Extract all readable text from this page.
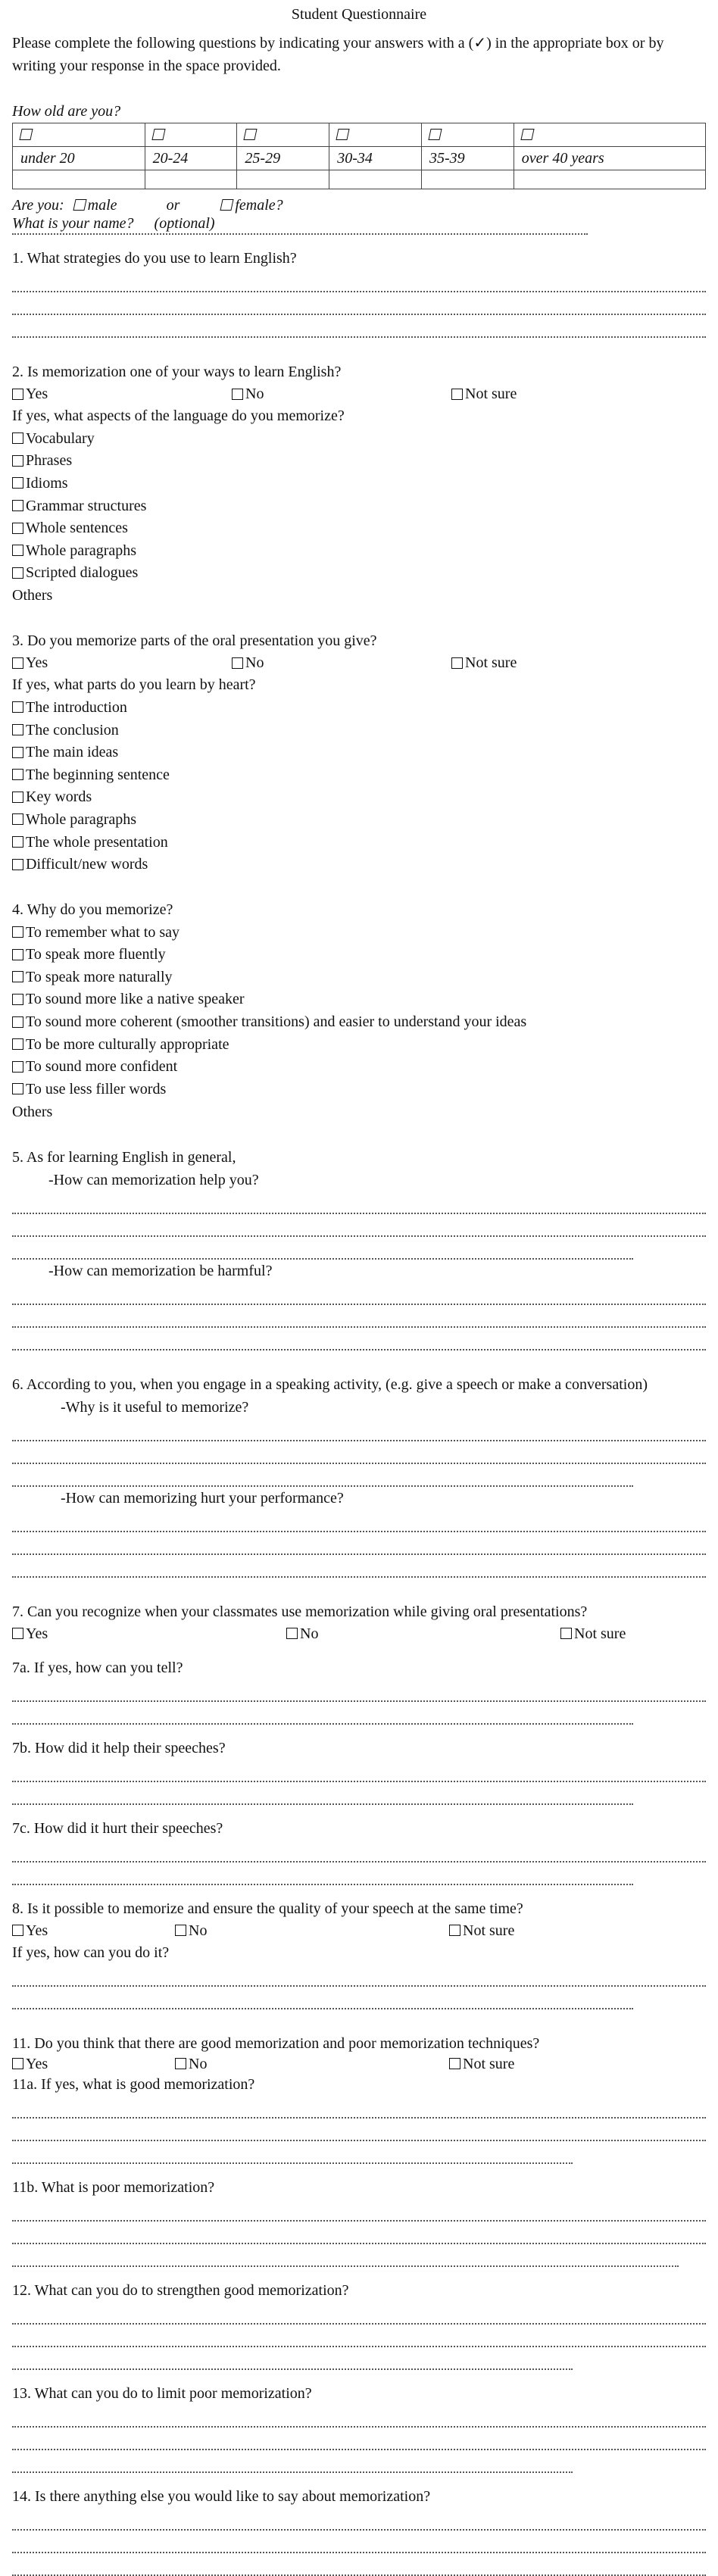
Student Questionnaire
Please complete the following questions by indicating your answers with a (✓) in the appropriate box or by writing your response in the space provided.
How old are you?

under 20	20-24	25-29	30-34	35-39	over 40 years

Are you: male	or	female?
What is your name? (optional)
1. What strategies do you use to learn English?
2. Is memorization one of your ways to learn English?
Yes	No	Not sure
If yes, what aspects of the language do you memorize?
Vocabulary
Phrases
Idioms
Grammar structures
Whole sentences
Whole paragraphs
Scripted dialogues
Others
3. Do you memorize parts of the oral presentation you give?
Yes	No	Not sure
If yes, what parts do you learn by heart?
The introduction
The conclusion
The main ideas
The beginning sentence
Key words
Whole paragraphs
The whole presentation
Difficult/new words
4. Why do you memorize?
To remember what to say
To speak more fluently
To speak more naturally
To sound more like a native speaker
To sound more coherent (smoother transitions) and easier to understand your ideas
To be more culturally appropriate
To sound more confident
To use less filler words
Others
5. As for learning English in general,
-How can memorization help you?
-How can memorization be harmful?
6. According to you, when you engage in a speaking activity, (e.g. give a speech or make a conversation)
-Why is it useful to memorize?
-How can memorizing hurt your performance?
7. Can you recognize when your classmates use memorization while giving oral presentations?
Yes	No	Not sure
7a. If yes, how can you tell?
7b. How did it help their speeches?
7c. How did it hurt their speeches?
8. Is it possible to memorize and ensure the quality of your speech at the same time?
Yes	No	Not sure
If yes, how can you do it?
11. Do you think that there are good memorization and poor memorization techniques?
Yes	No	Not sure
11a. If yes, what is good memorization?
11b. What is poor memorization?
12. What can you do to strengthen good memorization?
13. What can you do to limit poor memorization?
14. Is there anything else you would like to say about memorization?
